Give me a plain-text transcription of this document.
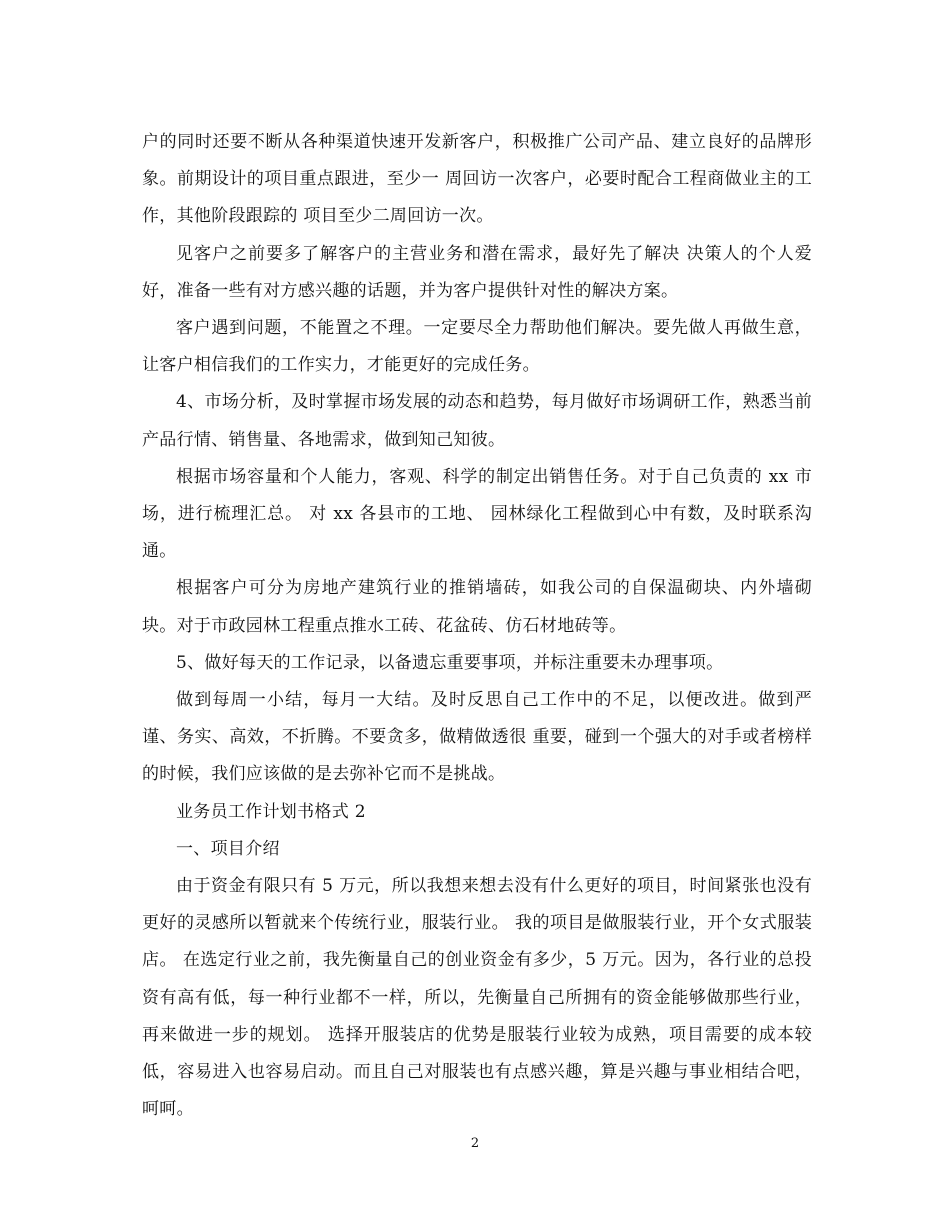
户的同时还要不断从各种渠道快速开发新客户，积极推广公司产品、建立良好的品牌形象。前期设计的项目重点跟进，至少一 周回访一次客户，必要时配合工程商做业主的工作，其他阶段跟踪的 项目至少二周回访一次。

见客户之前要多了解客户的主营业务和潜在需求，最好先了解决 决策人的个人爱好，准备一些有对方感兴趣的话题，并为客户提供针对性的解决方案。

客户遇到问题，不能置之不理。一定要尽全力帮助他们解决。要先做人再做生意，让客户相信我们的工作实力，才能更好的完成任务。

4、市场分析，及时掌握市场发展的动态和趋势，每月做好市场调研工作，熟悉当前产品行情、销售量、各地需求，做到知己知彼。

根据市场容量和个人能力，客观、科学的制定出销售任务。对于自己负责的 xx 市场，进行梳理汇总。 对 xx 各县市的工地、 园林绿化工程做到心中有数，及时联系沟通。

根据客户可分为房地产建筑行业的推销墙砖，如我公司的自保温砌块、内外墙砌块。对于市政园林工程重点推水工砖、花盆砖、仿石材地砖等。

5、做好每天的工作记录，以备遗忘重要事项，并标注重要未办理事项。

做到每周一小结，每月一大结。及时反思自己工作中的不足，以便改进。做到严谨、务实、高效，不折腾。不要贪多，做精做透很 重要，碰到一个强大的对手或者榜样的时候，我们应该做的是去弥补它而不是挑战。

业务员工作计划书格式 2

一、项目介绍

由于资金有限只有 5 万元，所以我想来想去没有什么更好的项目，时间紧张也没有更好的灵感所以暂就来个传统行业，服装行业。 我的项目是做服装行业，开个女式服装店。 在选定行业之前，我先衡量自己的创业资金有多少，5 万元。因为，各行业的总投资有高有低，每一种行业都不一样，所以，先衡量自己所拥有的资金能够做那些行业，再来做进一步的规划。 选择开服装店的优势是服装行业较为成熟，项目需要的成本较低，容易进入也容易启动。而且自己对服装也有点感兴趣，算是兴趣与事业相结合吧，呵呵。

2
